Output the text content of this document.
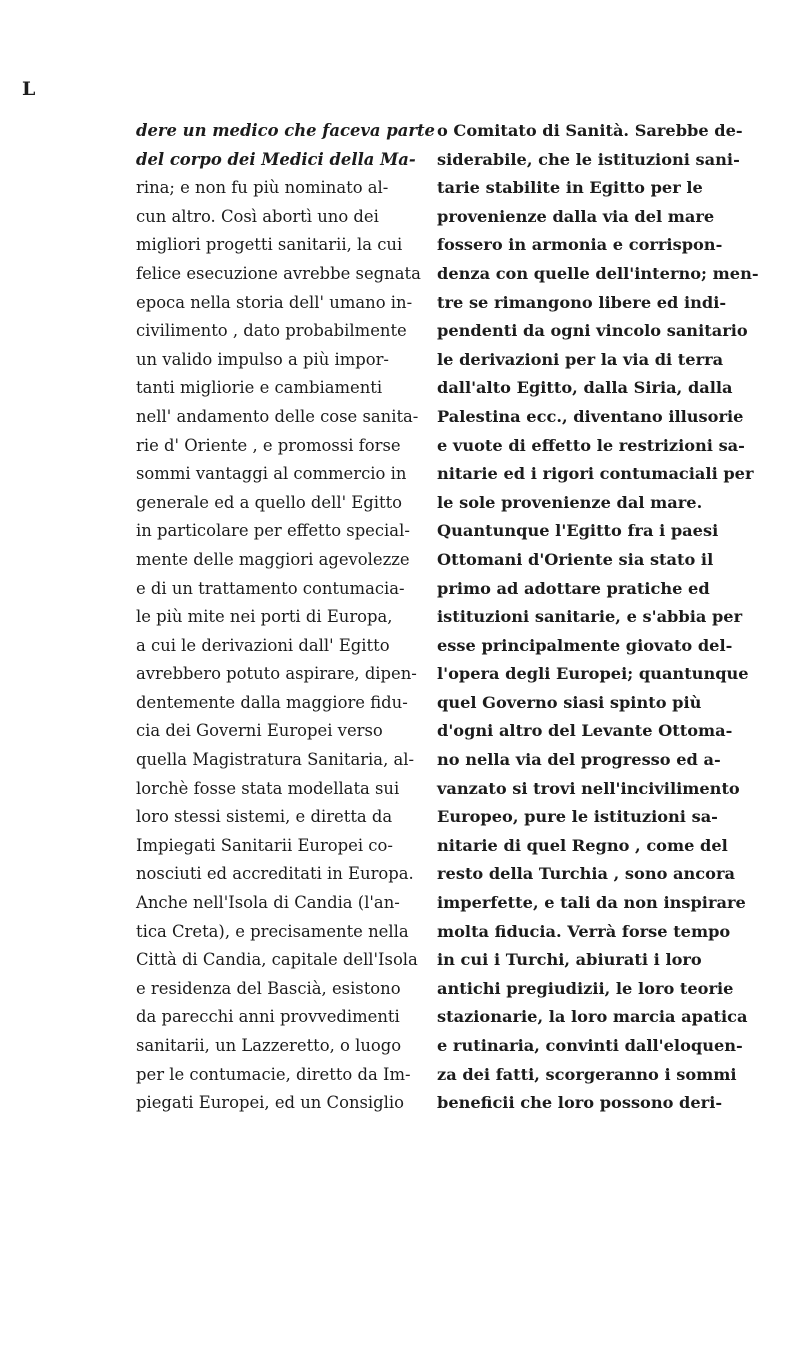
L
dere un medico che faceva parte
del corpo dei Medici della Ma-
rina; e non fu più nominato al-
cun altro. Così abortì uno dei
migliori progetti sanitarii, la cui
felice esecuzione avrebbe segnata
epoca nella storia dell' umano in-
civilimento , dato probabilmente
un valido impulso a più impor-
tanti migliorie e cambiamenti
nell' andamento delle cose sanita-
rie d' Oriente , e promossi forse
sommi vantaggi al commercio in
generale ed a quello dell' Egitto
in particolare per effetto special-
mente delle maggiori agevolezze
e di un trattamento contumacia-
le più mite nei porti di Europa,
a cui le derivazioni dall' Egitto
avrebbero potuto aspirare, dipen-
dentemente dalla maggiore fidu-
cia dei Governi Europei verso
quella Magistratura Sanitaria, al-
lorchè fosse stata modellata sui
loro stessi sistemi, e diretta da
Impiegati Sanitarii Europei co-
nosciuti ed accreditati in Europa.
Anche nell'Isola di Candia (l'an-
tica Creta), e precisamente nella
Città di Candia, capitale dell'Isola
e residenza del Bascià, esistono
da parecchi anni provvedimenti
sanitarii, un Lazzeretto, o luogo
per le contumacie, diretto da Im-
piegati Europei, ed un Consiglio
o Comitato di Sanità. Sarebbe de-
siderabile, che le istituzioni sani-
tarie stabilite in Egitto per le
provenienze dalla via del mare
fossero in armonia e corrispon-
denza con quelle dell'interno; men-
tre se rimangono libere ed indi-
pendenti da ogni vincolo sanitario
le derivazioni per la via di terra
dall'alto Egitto, dalla Siria, dalla
Palestina ecc., diventano illusorie
e vuote di effetto le restrizioni sa-
nitarie ed i rigori contumaciali per
le sole provenienze dal mare.
Quantunque l'Egitto fra i paesi
Ottomani d'Oriente sia stato il
primo ad adottare pratiche ed
istituzioni sanitarie, e s'abbia per
esse principalmente giovato del-
l'opera degli Europei; quantunque
quel Governo siasi spinto più
d'ogni altro del Levante Ottoma-
no nella via del progresso ed a-
vanzato si trovi nell'incivilimento
Europeo, pure le istituzioni sa-
nitarie di quel Regno , come del
resto della Turchia , sono ancora
imperfette, e tali da non inspirare
molta fiducia. Verrà forse tempo
in cui i Turchi, abiurati i loro
antichi pregiudizii, le loro teorie
stazionarie, la loro marcia apatica
e rutinaria, convinti dall'eloquen-
za dei fatti, scorgeranno i sommi
beneficii che loro possono deri-
